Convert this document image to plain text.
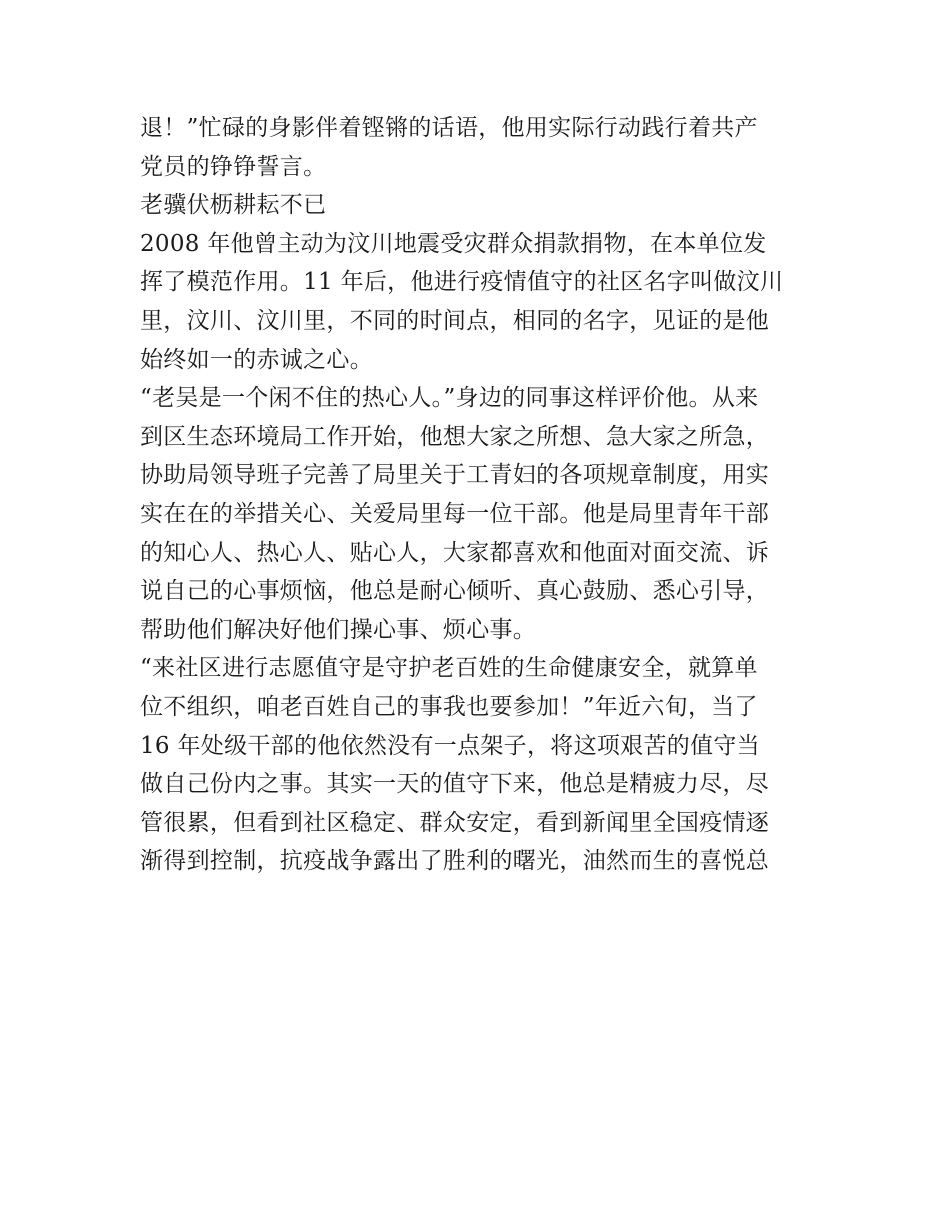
退！”忙碌的身影伴着铿锵的话语，他用实际行动践行着共产
党员的铮铮誓言。
老骥伏枥耕耘不已
2008 年他曾主动为汶川地震受灾群众捐款捐物，在本单位发
挥了模范作用。11 年后，他进行疫情值守的社区名字叫做汶川
里，汶川、汶川里，不同的时间点，相同的名字，见证的是他
始终如一的赤诚之心。
“老吴是一个闲不住的热心人。”身边的同事这样评价他。从来
到区生态环境局工作开始，他想大家之所想、急大家之所急，
协助局领导班子完善了局里关于工青妇的各项规章制度，用实
实在在的举措关心、关爱局里每一位干部。他是局里青年干部
的知心人、热心人、贴心人，大家都喜欢和他面对面交流、诉
说自己的心事烦恼，他总是耐心倾听、真心鼓励、悉心引导，
帮助他们解决好他们操心事、烦心事。
“来社区进行志愿值守是守护老百姓的生命健康安全，就算单
位不组织，咱老百姓自己的事我也要参加！”年近六旬，当了
16 年处级干部的他依然没有一点架子，将这项艰苦的值守当
做自己份内之事。其实一天的值守下来，他总是精疲力尽，尽
管很累，但看到社区稳定、群众安定，看到新闻里全国疫情逐
渐得到控制，抗疫战争露出了胜利的曙光，油然而生的喜悦总
